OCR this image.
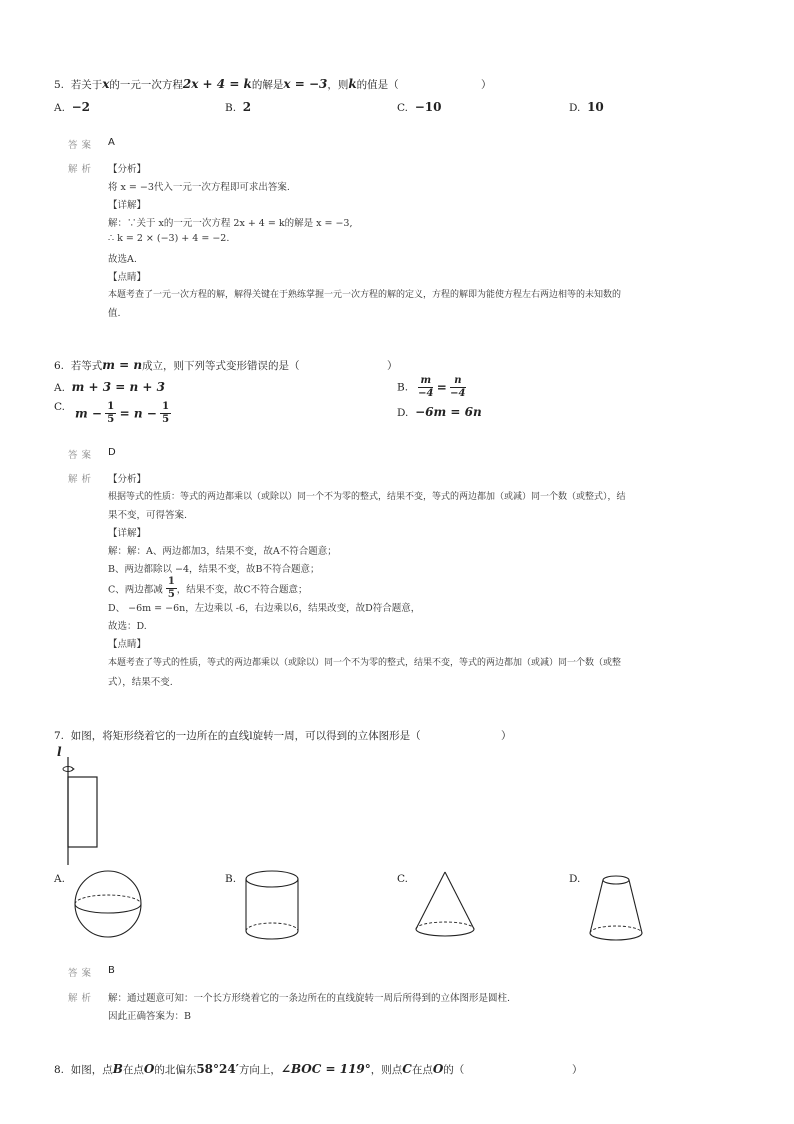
5. 若关于x的一元一次方程2x + 4 = k的解是x = −3，则k的值是（	）
A. −2	B. 2	C. −10	D. 10
答案 A
解析 【分析】
将 x = −3代入一元一次方程即可求出答案.
【详解】
解：∵关于 x的一元一次方程 2x + 4 = k的解是 x = −3,
∴ k = 2 × (−3) + 4 = −2.
故选A.
【点睛】
本题考查了一元一次方程的解，解得关键在于熟练掌握一元一次方程的解的定义，方程的解即为能使方程左右两边相等的未知数的
值.
6. 若等式m = n成立，则下列等式变形错误的是（	）
A. m + 3 = n + 3	B. $\frac{m}{-4} = \frac{n}{-4}$
C. $m - \frac{1}{5} = n - \frac{1}{5}$	D. −6m = 6n
答案 D
解析 【分析】
根据等式的性质：等式的两边都乘以（或除以）同一个不为零的整式，结果不变，等式的两边都加（或减）同一个数（或整式），结
果不变，可得答案.
【详解】
解：解：A、两边都加3，结果不变，故A不符合题意；
B、两边都除以 −4，结果不变，故B不符合题意；
C、两边都减 $\frac{1}{5}$ ，结果不变，故C不符合题意；
D、 −6m = −6n，左边乘以 -6，右边乘以6，结果改变，故D符合题意，
故选：D.
【点睛】
本题考查了等式的性质，等式的两边都乘以（或除以）同一个不为零的整式，结果不变，等式的两边都加（或减）同一个数（或整
式），结果不变.
7. 如图，将矩形绕着它的一边所在的直线l旋转一周，可以得到的立体图形是（	）
l
A.	B.	C.	D.
答案 B
解析 解：通过题意可知：一个长方形绕着它的一条边所在的直线旋转一周后所得到的立体图形是圆柱.
因此正确答案为：B
8. 如图，点B在点O的北偏东58°24′方向上，∠BOC = 119°，则点C在点O的（	）
